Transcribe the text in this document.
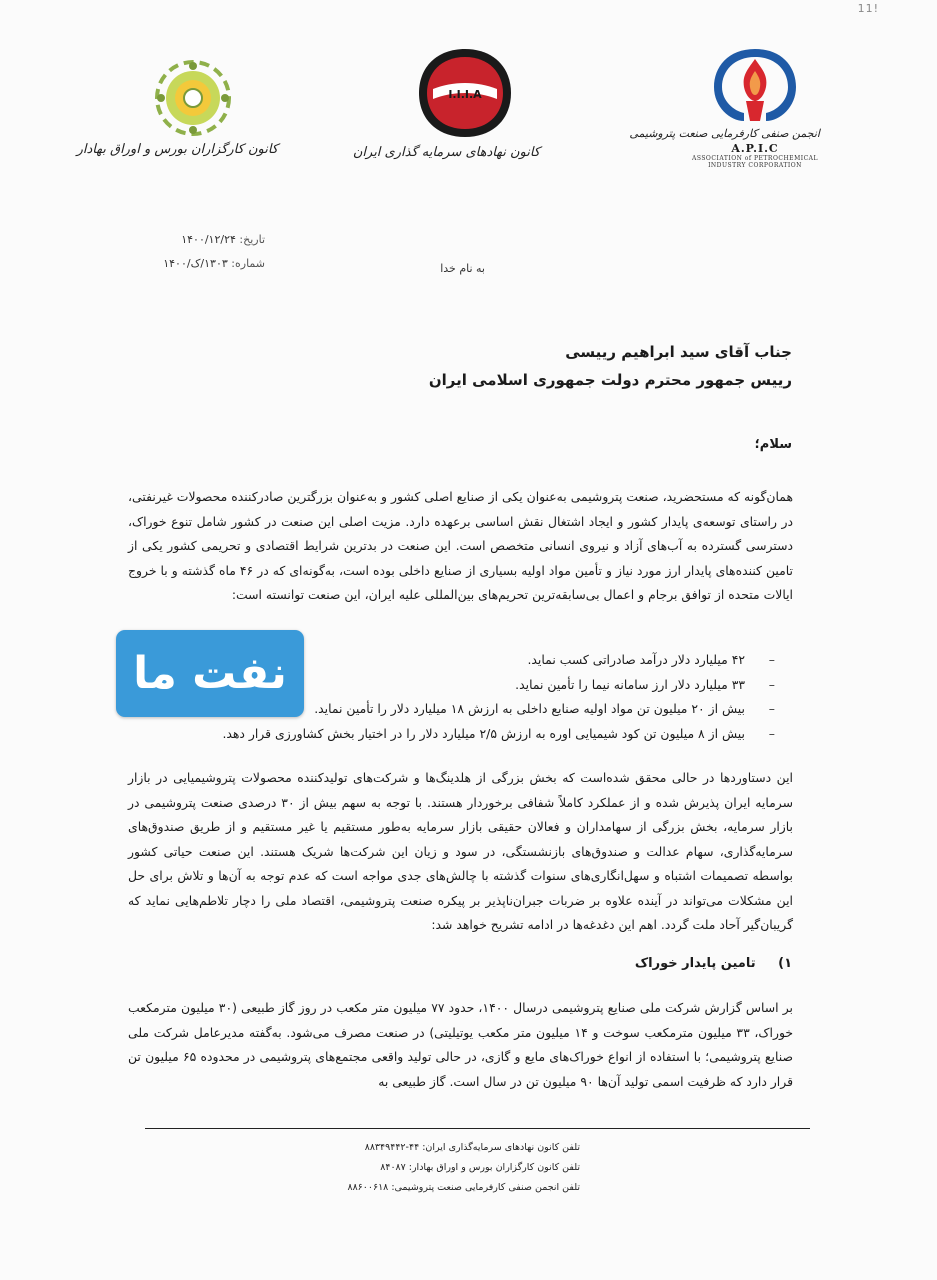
11!
کانون کارگزاران بورس و اوراق بهادار
I.I.I.A
کانون نهادهای سرمایه گذاری ایران
انجمن صنفی کارفرمایی صنعت پتروشیمی
A.P.I.C
ASSOCIATION of PETROCHEMICAL
INDUSTRY CORPORATION
تاریخ: ۱۴۰۰/۱۲/۲۴
شماره: ۱۳۰۳/ک/۱۴۰۰	به نام خدا
جناب آقای سید ابراهیم رییسی
رییس جمهور محترم دولت جمهوری اسلامی ایران
سلام؛
همان‌گونه که مستحضرید، صنعت پتروشیمی به‌عنوان یکی از صنایع اصلی کشور و به‌عنوان بزرگترین صادرکننده محصولات غیرنفتی، در راستای توسعه‌ی پایدار کشور و ایجاد اشتغال نقش اساسی برعهده دارد. مزیت اصلی این صنعت در کشور شامل تنوع خوراک، دسترسی گسترده به آب‌های آزاد و نیروی انسانی متخصص است. این صنعت در بدترین شرایط اقتصادی و تحریمی کشور یکی از تامین کننده‌های پایدار ارز مورد نیاز و تأمین مواد اولیه بسیاری از صنایع داخلی بوده است، به‌گونه‌ای که در ۴۶ ماه گذشته و با خروج ایالات متحده از توافق برجام و اعمال بی‌سابقه‌ترین تحریم‌های بین‌المللی علیه ایران، این صنعت توانسته است:
– ۴۲ میلیارد دلار درآمد صادراتی کسب نماید.
– ۳۳ میلیارد دلار ارز سامانه نیما را تأمین نماید.
– بیش از ۲۰ میلیون تن مواد اولیه صنایع داخلی به ارزش ۱۸ میلیارد دلار را تأمین نماید.
– بیش از ۸ میلیون تن کود شیمیایی اوره به ارزش ۲/۵ میلیارد دلار را در اختیار بخش کشاورزی قرار دهد.
این دستاوردها در حالی محقق شده‌است که بخش بزرگی از هلدینگ‌ها و شرکت‌های تولیدکننده محصولات پتروشیمیایی در بازار سرمایه ایران پذیرش شده و از عملکرد کاملاً شفافی برخوردار هستند. با توجه به سهم بیش از ۳۰ درصدی صنعت پتروشیمی در بازار سرمایه، بخش بزرگی از سهامداران و فعالان حقیقی بازار سرمایه به‌طور مستقیم یا غیر مستقیم و از طریق صندوق‌های سرمایه‌گذاری، سهام عدالت و صندوق‌های بازنشستگی، در سود و زیان این شرکت‌ها شریک هستند. این صنعت حیاتی کشور بواسطه تصمیمات اشتباه و سهل‌انگاری‌های سنوات گذشته با چالش‌های جدی مواجه است که عدم توجه به آن‌ها و تلاش برای حل این مشکلات می‌تواند در آینده علاوه بر ضربات جبران‌ناپذیر بر پیکره صنعت پتروشیمی، اقتصاد ملی را دچار تلاطم‌هایی نماید که گریبان‌گیر آحاد ملت گردد. اهم این دغدغه‌ها در ادامه تشریح خواهد شد:
۱) تامین پایدار خوراک
بر اساس گزارش شرکت ملی صنایع پتروشیمی درسال ۱۴۰۰، حدود ۷۷ میلیون متر مکعب در روز گاز طبیعی (۳۰ میلیون مترمکعب خوراک، ۳۳ میلیون مترمکعب سوخت و ۱۴ میلیون متر مکعب یوتیلیتی) در صنعت مصرف می‌شود. به‌گفته مدیرعامل شرکت ملی صنایع پتروشیمی؛ با استفاده از انواع خوراک‌های مایع و گازی، در حالی تولید واقعی مجتمع‌های پتروشیمی در محدوده ۶۵ میلیون تن قرار دارد که ظرفیت اسمی تولید آن‌ها ۹۰ میلیون تن در سال است. گاز طبیعی به
تلفن کانون نهادهای سرمایه‌گذاری ایران: ۴۴-۸۸۳۴۹۴۴۲
تلفن کانون کارگزاران بورس و اوراق بهادار: ۸۴۰۸۷
تلفن انجمن صنفی کارفرمایی صنعت پتروشیمی: ۸۸۶۰۰۶۱۸
نفت ما
